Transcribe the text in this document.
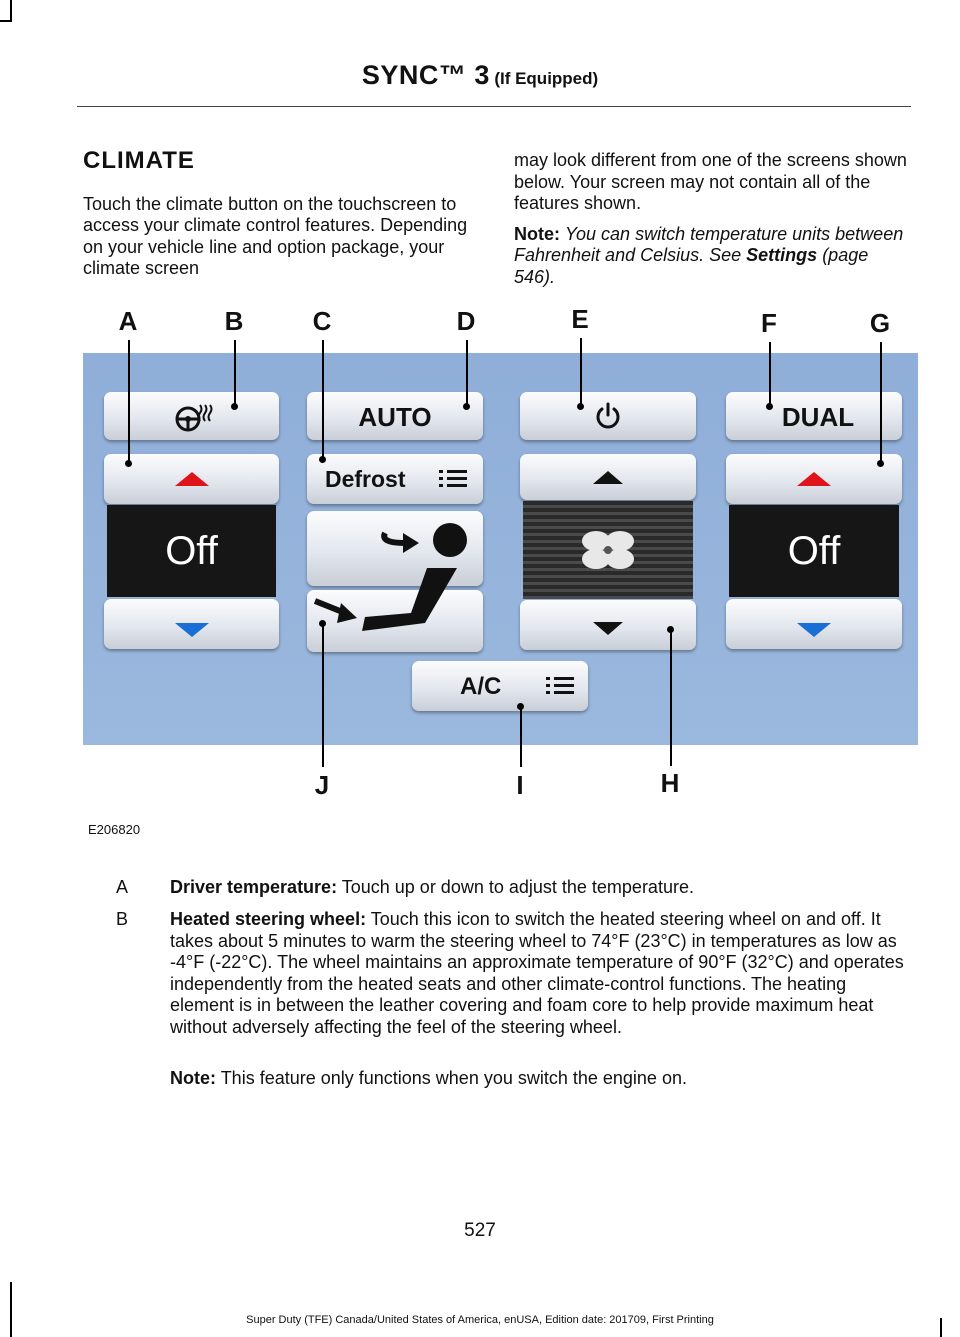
SYNC™ 3 (If Equipped)
CLIMATE

Touch the climate button on the touchscreen to access your climate control features. Depending on your vehicle line and option package, your climate screen

may look different from one of the screens shown below. Your screen may not contain all of the features shown.

Note: You can switch temperature units between Fahrenheit and Celsius. See Settings (page 546).

AUTO	DUAL
Off
Defrost
Off
A/C
A	B	C	D	E	F	G
H
I
J
E206820
A Driver temperature: Touch up or down to adjust the temperature.
B Heated steering wheel: Touch this icon to switch the heated steering wheel on and off. It takes about 5 minutes to warm the steering wheel to 74°F (23°C) in temperatures as low as -4°F (-22°C). The wheel maintains an approximate temperature of 90°F (32°C) and operates independently from the heated seats and other climate-control functions. The heating element is in between the leather covering and foam core to help provide maximum heat without adversely affecting the feel of the steering wheel.
Note: This feature only functions when you switch the engine on.
527
Super Duty (TFE) Canada/United States of America, enUSA, Edition date: 201709, First Printing
